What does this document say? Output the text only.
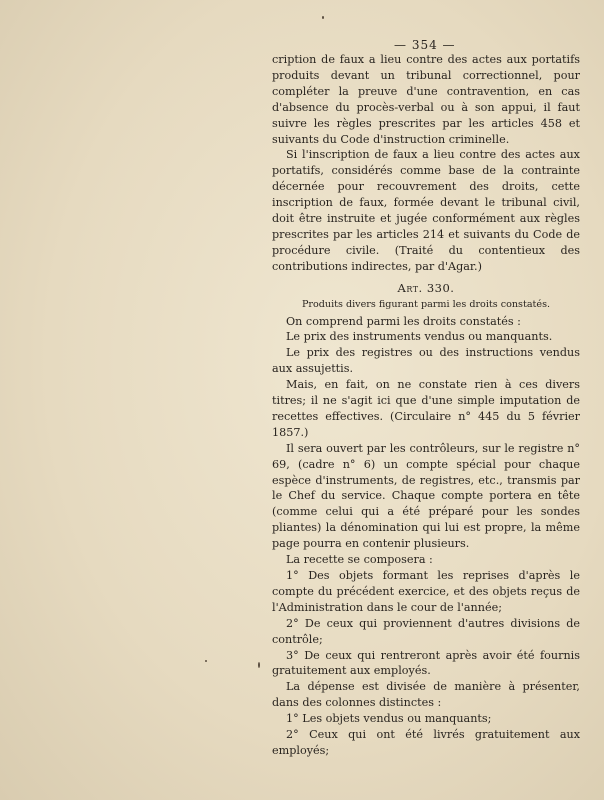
— 354 —

cription de faux a lieu contre des actes aux portatifs produits devant un tribunal correctionnel, pour compléter la preuve d'une contravention, en cas d'absence du procès-verbal ou à son appui, il faut suivre les règles prescrites par les articles 458 et suivants du Code d'instruction criminelle.

Si l'inscription de faux a lieu contre des actes aux portatifs, considérés comme base de la contrainte décernée pour recouvrement des droits, cette inscription de faux, formée devant le tribunal civil, doit être instruite et jugée conformément aux règles prescrites par les articles 214 et suivants du Code de procédure civile. (Traité du contentieux des contributions indirectes, par d'Agar.)

Art. 330.

Produits divers figurant parmi les droits constatés.

On comprend parmi les droits constatés :

Le prix des instruments vendus ou manquants.

Le prix des registres ou des instructions vendus aux assujettis.

Mais, en fait, on ne constate rien à ces divers titres; il ne s'agit ici que d'une simple imputation de recettes effectives. (Circulaire n° 445 du 5 février 1857.)

Il sera ouvert par les contrôleurs, sur le registre n° 69, (cadre n° 6) un compte spécial pour chaque espèce d'instruments, de registres, etc., transmis par le Chef du service. Chaque compte portera en tête (comme celui qui a été préparé pour les sondes pliantes) la dénomination qui lui est propre, la même page pourra en contenir plusieurs.

La recette se composera :

1° Des objets formant les reprises d'après le compte du précédent exercice, et des objets reçus de l'Administration dans le cour de l'année;

2° De ceux qui proviennent d'autres divisions de contrôle;

3° De ceux qui rentreront après avoir été fournis gratuitement aux employés.

La dépense est divisée de manière à présenter, dans des colonnes distinctes :

1° Les objets vendus ou manquants;

2° Ceux qui ont été livrés gratuitement aux employés;
